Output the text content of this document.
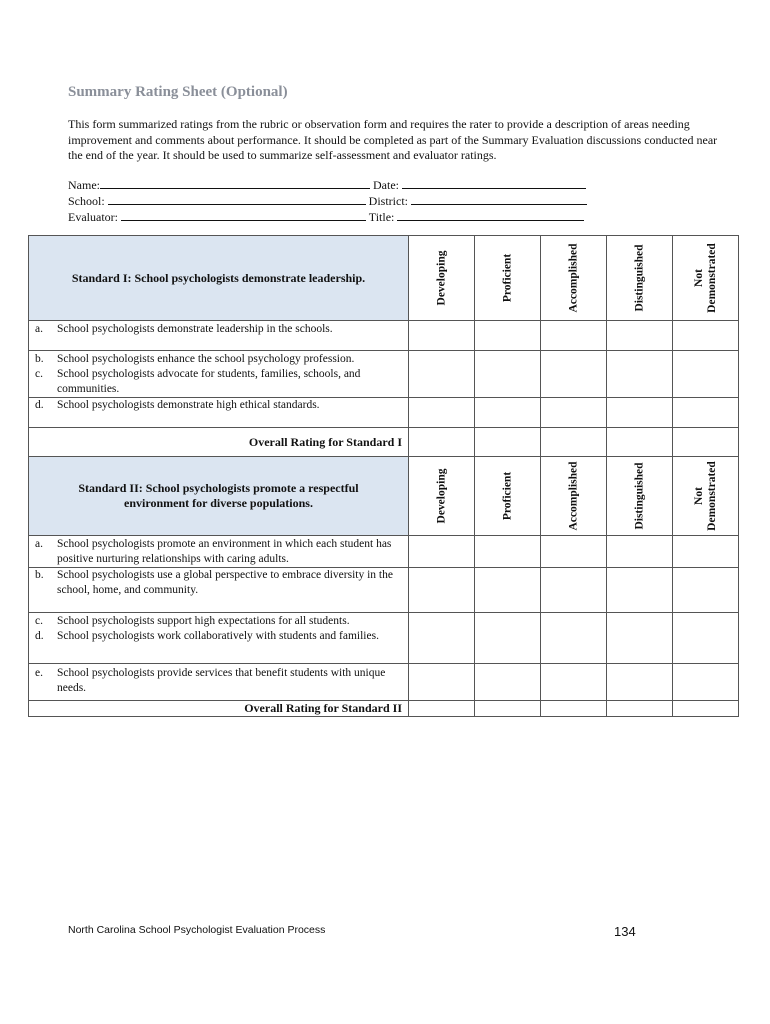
Summary Rating Sheet (Optional)
This form summarized ratings from the rubric or observation form and requires the rater to provide a description of areas needing improvement and comments about performance. It should be completed as part of the Summary Evaluation discussions conducted near the end of the year. It should be used to summarize self-assessment and evaluator ratings.
Name:	Date:
School:	District:
Evaluator:	Title:
Standard I: School psychologists demonstrate leadership.	Developing	Proficient	Accomplished	Distinguished	Not
Demonstrated

a. School psychologists demonstrate leadership in the schools.					

b. School psychologists enhance the school psychology profession.
c. School psychologists advocate for students, families, schools, and communities.					

d. School psychologists demonstrate high ethical standards.					

Overall Rating for Standard I					
Standard II: School psychologists promote a respectful
environment for diverse populations.	Developing	Proficient	Accomplished	Distinguished	Not
Demonstrated

a. School psychologists promote an environment in which each student has positive nurturing relationships with caring adults.					

b. School psychologists use a global perspective to embrace diversity in the school, home, and community.					

c. School psychologists support high expectations for all students.
d. School psychologists work collaboratively with students and families.					

e. School psychologists provide services that benefit students with unique needs.					

Overall Rating for Standard II					
North Carolina School Psychologist Evaluation Process	134
